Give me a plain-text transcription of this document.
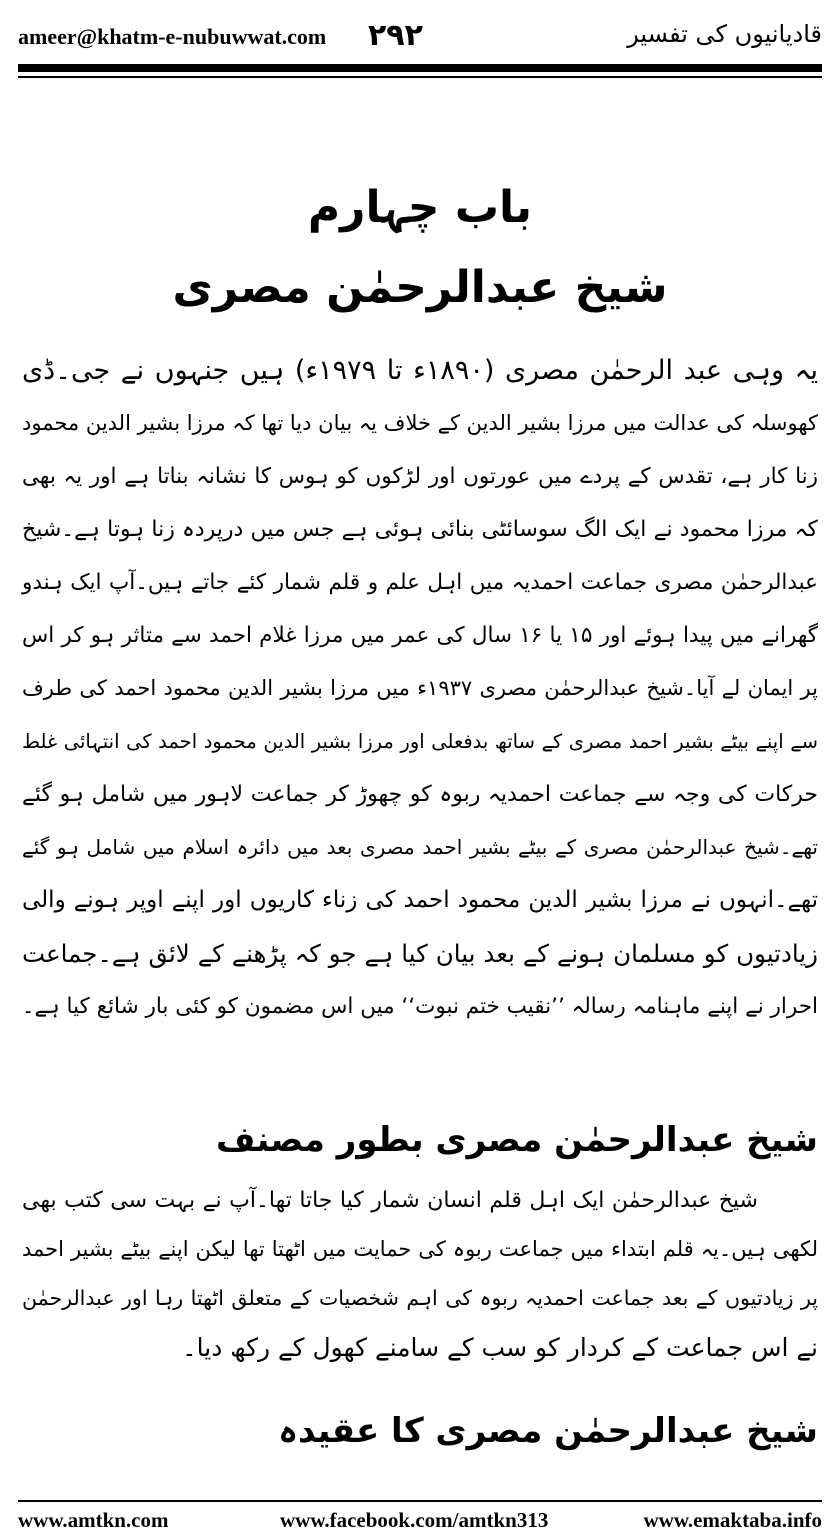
ameer@khatm-e-nubuwwat.com ۲۹۲	قادیانیوں کی تفسیر
باب چہارم
شیخ عبدالرحمٰن مصری
یہ وہی عبد الرحمٰن مصری (۱۸۹۰ء تا ۱۹۷۹ء) ہیں جنہوں نے جی۔ڈی
کھوسلہ کی عدالت میں مرزا بشیر الدین کے خلاف یہ بیان دیا تھا کہ مرزا بشیر الدین محمود
زنا کار ہے، تقدس کے پردے میں عورتوں اور لڑکوں کو ہوس کا نشانہ بناتا ہے اور یہ بھی
کہ مرزا محمود نے ایک الگ سوسائٹی بنائی ہوئی ہے جس میں درپردہ زنا ہوتا ہے۔شیخ
عبدالرحمٰن مصری جماعت احمدیہ میں اہل علم و قلم شمار کئے جاتے ہیں۔آپ ایک ہندو
گھرانے میں پیدا ہوئے اور ۱۵ یا ۱۶ سال کی عمر میں مرزا غلام احمد سے متاثر ہو کر اس
پر ایمان لے آیا۔شیخ عبدالرحمٰن مصری ۱۹۳۷ء میں مرزا بشیر الدین محمود احمد کی طرف
سے اپنے بیٹے بشیر احمد مصری کے ساتھ بدفعلی اور مرزا بشیر الدین محمود احمد کی انتہائی غلط
حرکات کی وجہ سے جماعت احمدیہ ربوہ کو چھوڑ کر جماعت لاہور میں شامل ہو گئے
تھے۔شیخ عبدالرحمٰن مصری کے بیٹے بشیر احمد مصری بعد میں دائرہ اسلام میں شامل ہو گئے
تھے۔انہوں نے مرزا بشیر الدین محمود احمد کی زناء کاریوں اور اپنے اوپر ہونے والی
زیادتیوں کو مسلمان ہونے کے بعد بیان کیا ہے جو کہ پڑھنے کے لائق ہے۔جماعت
احرار نے اپنے ماہنامہ رسالہ ’’نقیب ختم نبوت‘‘ میں اس مضمون کو کئی بار شائع کیا ہے۔
شیخ عبدالرحمٰن مصری بطور مصنف
شیخ عبدالرحمٰن ایک اہل قلم انسان شمار کیا جاتا تھا۔آپ نے بہت سی کتب بھی
لکھی ہیں۔یہ قلم ابتداء میں جماعت ربوہ کی حمایت میں اٹھتا تھا لیکن اپنے بیٹے بشیر احمد
پر زیادتیوں کے بعد جماعت احمدیہ ربوہ کی اہم شخصیات کے متعلق اٹھتا رہا اور عبدالرحمٰن
نے اس جماعت کے کردار کو سب کے سامنے کھول کے رکھ دیا۔
شیخ عبدالرحمٰن مصری کا عقیدہ
www.amtkn.com	www.facebook.com/amtkn313	www.emaktaba.info
